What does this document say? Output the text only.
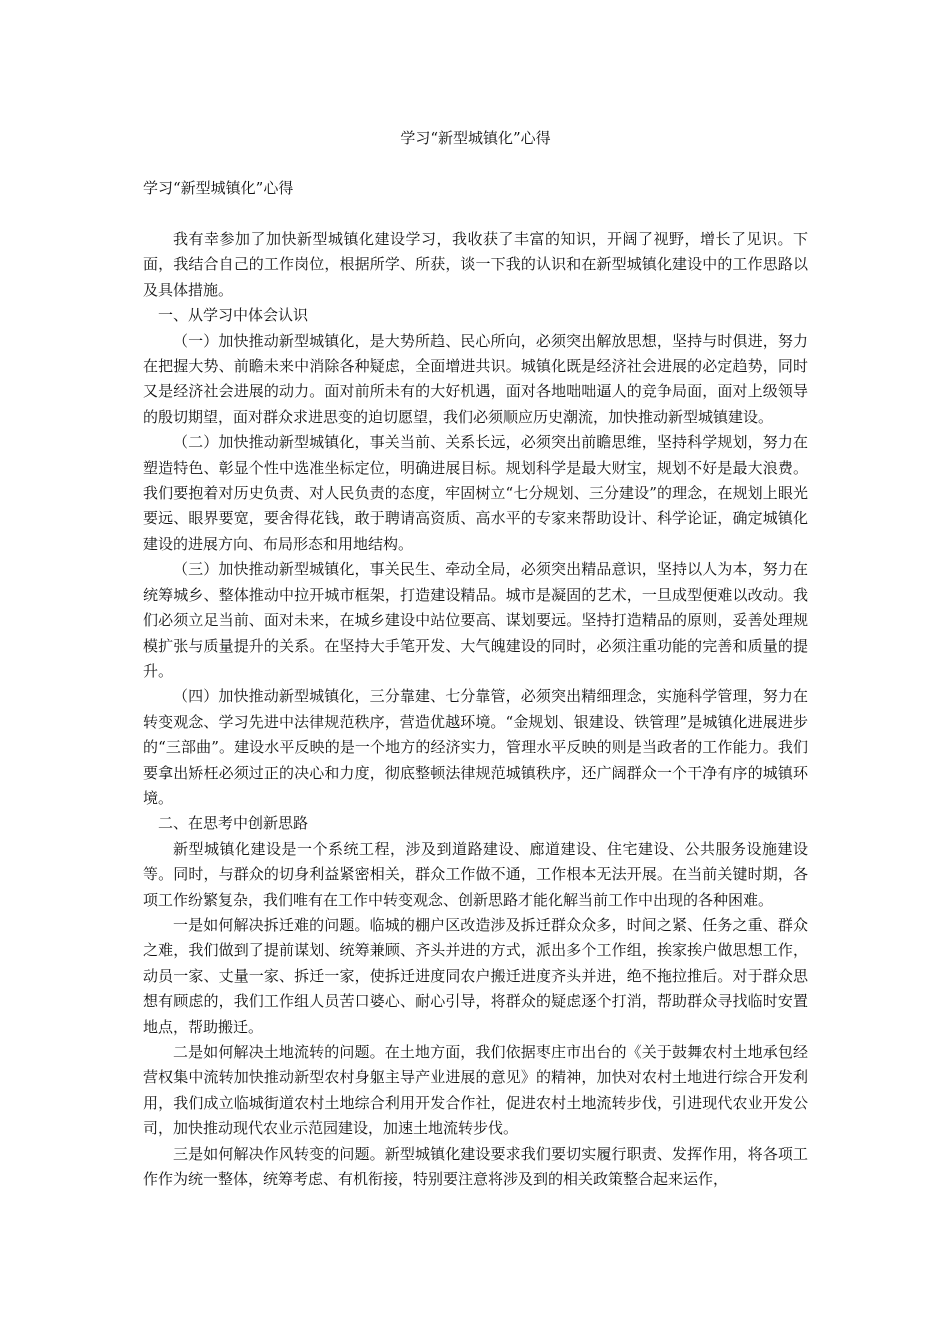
学习“新型城镇化”心得
学习“新型城镇化”心得

我有幸参加了加快新型城镇化建设学习，我收获了丰富的知识，开阔了视野，增长了见识。下面，我结合自己的工作岗位，根据所学、所获，谈一下我的认识和在新型城镇化建设中的工作思路以及具体措施。

一、从学习中体会认识

（一）加快推动新型城镇化，是大势所趋、民心所向，必须突出解放思想，坚持与时俱进，努力在把握大势、前瞻未来中消除各种疑虑，全面增进共识。城镇化既是经济社会进展的必定趋势，同时又是经济社会进展的动力。面对前所未有的大好机遇，面对各地咄咄逼人的竞争局面，面对上级领导的殷切期望，面对群众求进思变的迫切愿望，我们必须顺应历史潮流，加快推动新型城镇建设。

（二）加快推动新型城镇化，事关当前、关系长远，必须突出前瞻思维，坚持科学规划，努力在塑造特色、彰显个性中选准坐标定位，明确进展目标。规划科学是最大财宝，规划不好是最大浪费。我们要抱着对历史负责、对人民负责的态度，牢固树立“七分规划、三分建设”的理念，在规划上眼光要远、眼界要宽，要舍得花钱，敢于聘请高资质、高水平的专家来帮助设计、科学论证，确定城镇化建设的进展方向、布局形态和用地结构。

（三）加快推动新型城镇化，事关民生、牵动全局，必须突出精品意识，坚持以人为本，努力在统筹城乡、整体推动中拉开城市框架，打造建设精品。城市是凝固的艺术，一旦成型便难以改动。我们必须立足当前、面对未来，在城乡建设中站位要高、谋划要远。坚持打造精品的原则，妥善处理规模扩张与质量提升的关系。在坚持大手笔开发、大气魄建设的同时，必须注重功能的完善和质量的提升。

（四）加快推动新型城镇化，三分靠建、七分靠管，必须突出精细理念，实施科学管理，努力在转变观念、学习先进中法律规范秩序，营造优越环境。“金规划、银建设、铁管理”是城镇化进展进步的“三部曲”。建设水平反映的是一个地方的经济实力，管理水平反映的则是当政者的工作能力。我们要拿出矫枉必须过正的决心和力度，彻底整顿法律规范城镇秩序，还广阔群众一个干净有序的城镇环境。

二、在思考中创新思路

新型城镇化建设是一个系统工程，涉及到道路建设、廊道建设、住宅建设、公共服务设施建设等。同时，与群众的切身利益紧密相关，群众工作做不通，工作根本无法开展。在当前关键时期，各项工作纷繁复杂，我们唯有在工作中转变观念、创新思路才能化解当前工作中出现的各种困难。

一是如何解决拆迁难的问题。临城的棚户区改造涉及拆迁群众众多，时间之紧、任务之重、群众之难，我们做到了提前谋划、统筹兼顾、齐头并进的方式，派出多个工作组，挨家挨户做思想工作，动员一家、丈量一家、拆迁一家，使拆迁进度同农户搬迁进度齐头并进，绝不拖拉推后。对于群众思想有顾虑的，我们工作组人员苦口婆心、耐心引导，将群众的疑虑逐个打消，帮助群众寻找临时安置地点，帮助搬迁。

二是如何解决土地流转的问题。在土地方面，我们依据枣庄市出台的《关于鼓舞农村土地承包经营权集中流转加快推动新型农村身躯主导产业进展的意见》的精神，加快对农村土地进行综合开发利用，我们成立临城街道农村土地综合利用开发合作社，促进农村土地流转步伐，引进现代农业开发公司，加快推动现代农业示范园建设，加速土地流转步伐。

三是如何解决作风转变的问题。新型城镇化建设要求我们要切实履行职责、发挥作用，将各项工作作为统一整体，统筹考虑、有机衔接，特别要注意将涉及到的相关政策整合起来运作，
